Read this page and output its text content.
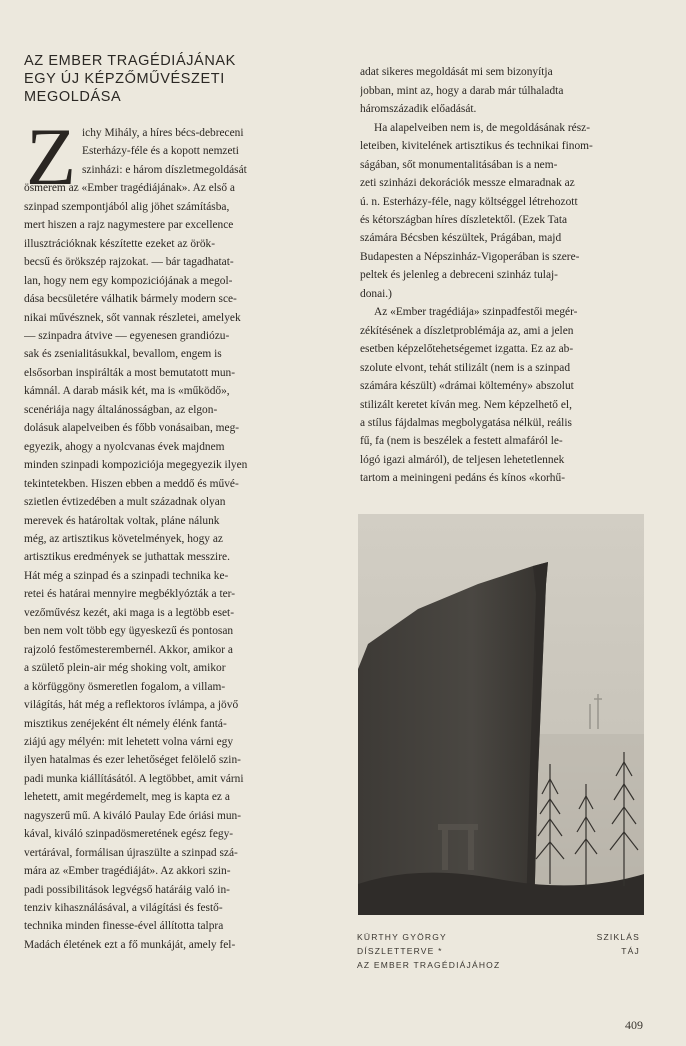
AZ EMBER TRAGÉDIÁJÁNAK
EGY ÚJ KÉPZŐMŰVÉSZETI
MEGOLDÁSA
Z ichy Mihály, a híres bécs-debreceni
Esterházy-féle és a kopott nemzeti
szinházi: e három díszletmegoldását
ösmerem az «Ember tragédiájának». Az első a
szinpad szempontjából alig jöhet számításba,
mert hiszen a rajz nagymestere par excellence
illusztrációknak készítette ezeket az örök-
becsű és örökszép rajzokat. — bár tagadhatat-
lan, hogy nem egy kompoziciójának a megol-
dása becsületére válhatik bármely modern sce-
nikai művésznek, sőt vannak részletei, amelyek
— szinpadra átvive — egyenesen grandiózu-
sak és zsenialitásukkal, bevallom, engem is
elsősorban inspirálták a most bemutatott mun-
kámnál. A darab másik két, ma is «működő»,
scenériája nagy általánosságban, az elgon-
dolásuk alapelveiben és főbb vonásaiban, meg-
egyezik, ahogy a nyolcvanas évek majdnem
minden szinpadi kompoziciója megegyezik ilyen
tekintetekben. Hiszen ebben a meddő és művé-
szietlen évtizedében a mult századnak olyan
merevek és határoltak voltak, pláne nálunk
még, az artisztikus követelmények, hogy az
artisztikus eredmények se juthattak messzire.
Hát még a szinpad és a szinpadi technika ke-
retei és határai mennyire megbéklyózták a ter-
vezőművész kezét, aki maga is a legtöbb eset-
ben nem volt több egy ügyeskezű és pontosan
rajzoló festőmesterembernél. Akkor, amikor a
a születő plein-air még shoking volt, amikor
a körfüggöny ösmeretlen fogalom, a villam-
világítás, hát még a reflektoros ívlámpa, a jövő
misztikus zenéjeként élt némely élénk fantá-
ziájú agy mélyén: mit lehetett volna várni egy
ilyen hatalmas és ezer lehetőséget felölelő szin-
padi munka kiállításától. A legtöbbet, amit várni
lehetett, amit megérdemelt, meg is kapta ez a
nagyszerű mű. A kiváló Paulay Ede óriási mun-
kával, kiváló szinpadösmeretének egész fegy-
vertárával, formálisan újraszülte a szinpad szá-
mára az «Ember tragédiáját». Az akkori szin-
padi possibilitások legvégső határáig való in-
tenziv kihasználásával, a világítási és festő-
technika minden finesse-ével állította talpra
Madách életének ezt a fő munkáját, amely fel-

adat sikeres megoldását mi sem bizonyítja
jobban, mint az, hogy a darab már túlhaladta
háromszázadik előadását.
Ha alapelveiben nem is, de megoldásának rész-
leteiben, kivitelének artisztikus és technikai finom-
ságában, sőt monumentalitásában is a nem-
zeti szinházi dekorációk messze elmaradnak az
ú. n. Esterházy-féle, nagy költséggel létrehozott
és kétországban híres díszletektől. (Ezek Tata
számára Bécsben készültek, Prágában, majd
Budapesten a Népszinház-Vigoperában is szere-
peltek és jelenleg a debreceni szinház tulaj-
donai.)
Az «Ember tragédiája» szinpadfestői megér-
zékítésének a díszletproblémája az, ami a jelen
esetben képzelőtehetségemet izgatta. Ez az ab-
szolute elvont, tehát stilizált (nem is a szinpad
számára készült) «drámai költemény» abszolut
stilizált keretet kíván meg. Nem képzelhető el,
a stílus fájdalmas megbolygatása nélkül, reális
fű, fa (nem is beszélek a festett almafáról le-
lógó igazi almáról), de teljesen lehetetlennek
tartom a meiningeni pedáns és kínos «korhű-

KÜRTHY GYÖRGY
DÍSZLETTERVE *
AZ EMBER TRAGÉDIÁJÁHOZ
SZIKLÁS
TÁJ
409
